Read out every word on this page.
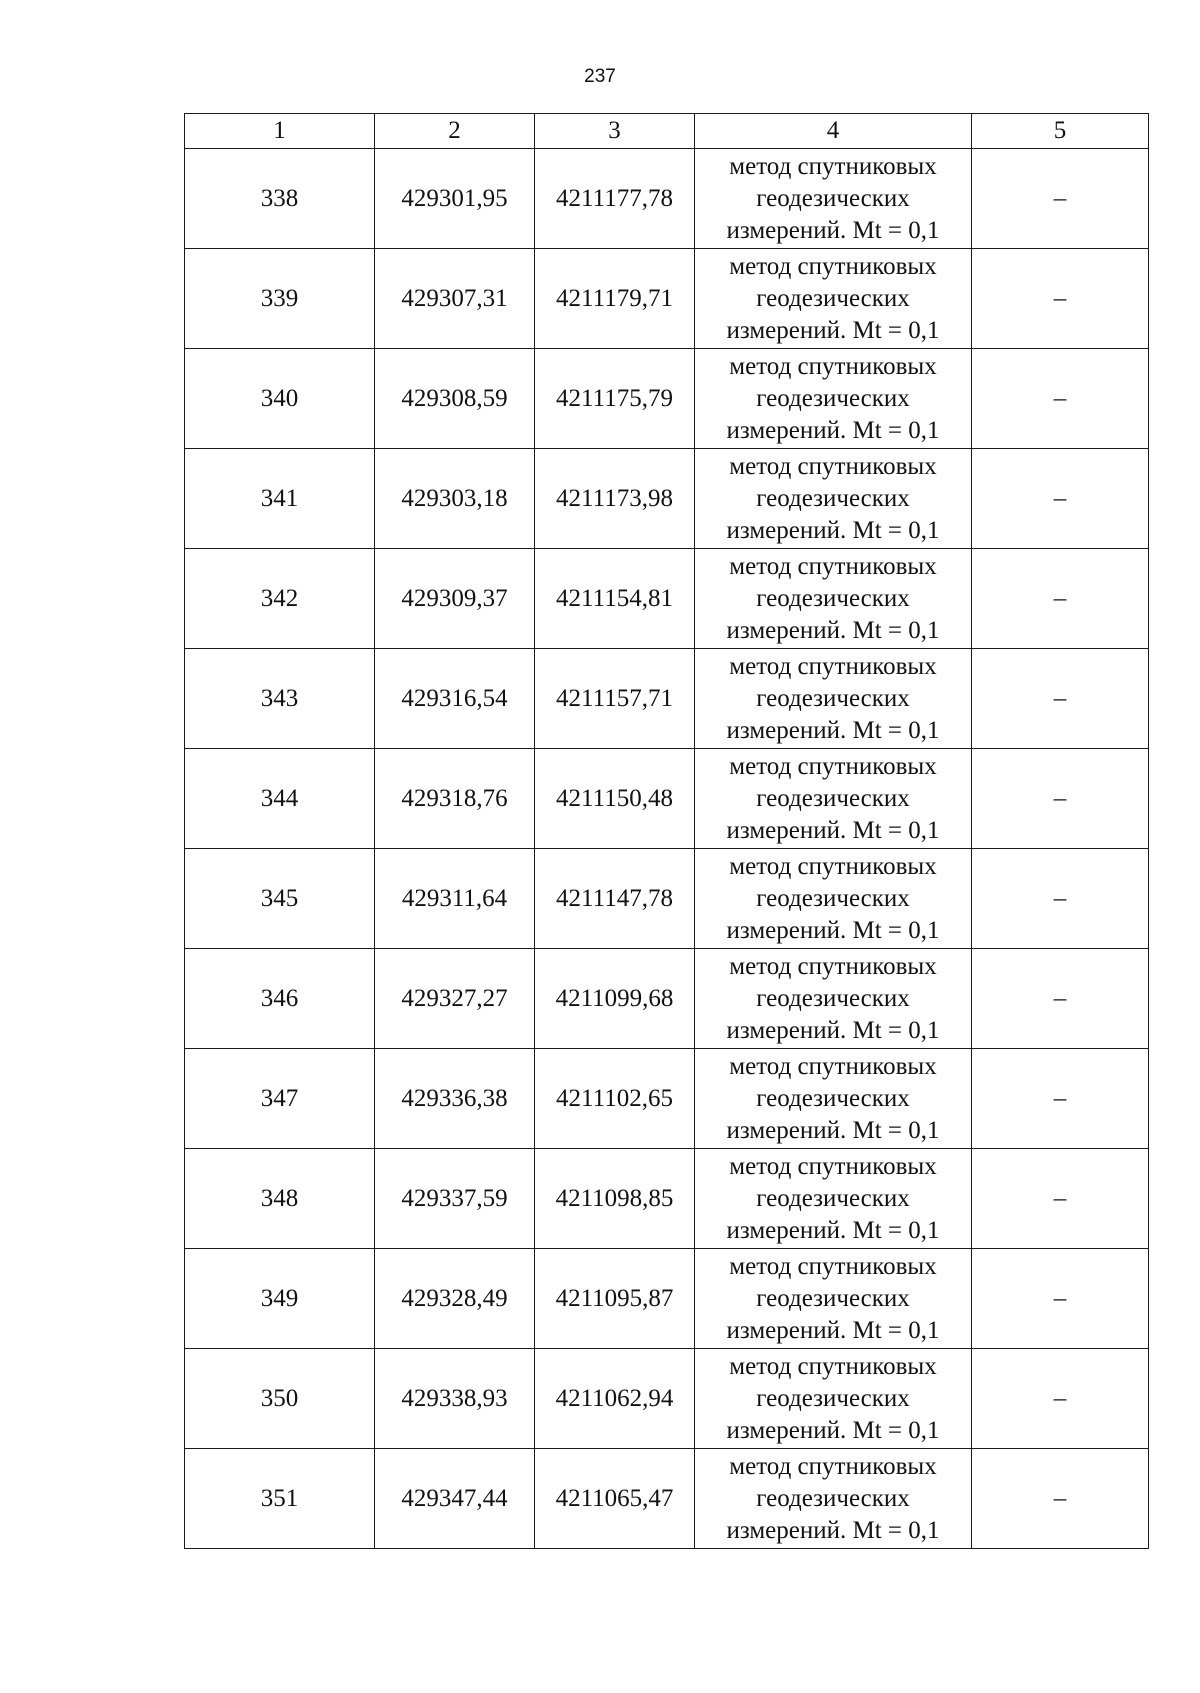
237
1	2	3	4	5
338	429301,95	4211177,78	метод спутниковых
геодезических
измерений. Mt = 0,1	–
339	429307,31	4211179,71	метод спутниковых
геодезических
измерений. Mt = 0,1	–
340	429308,59	4211175,79	метод спутниковых
геодезических
измерений. Mt = 0,1	–
341	429303,18	4211173,98	метод спутниковых
геодезических
измерений. Mt = 0,1	–
342	429309,37	4211154,81	метод спутниковых
геодезических
измерений. Mt = 0,1	–
343	429316,54	4211157,71	метод спутниковых
геодезических
измерений. Mt = 0,1	–
344	429318,76	4211150,48	метод спутниковых
геодезических
измерений. Mt = 0,1	–
345	429311,64	4211147,78	метод спутниковых
геодезических
измерений. Mt = 0,1	–
346	429327,27	4211099,68	метод спутниковых
геодезических
измерений. Mt = 0,1	–
347	429336,38	4211102,65	метод спутниковых
геодезических
измерений. Mt = 0,1	–
348	429337,59	4211098,85	метод спутниковых
геодезических
измерений. Mt = 0,1	–
349	429328,49	4211095,87	метод спутниковых
геодезических
измерений. Mt = 0,1	–
350	429338,93	4211062,94	метод спутниковых
геодезических
измерений. Mt = 0,1	–
351	429347,44	4211065,47	метод спутниковых
геодезических
измерений. Mt = 0,1	–
